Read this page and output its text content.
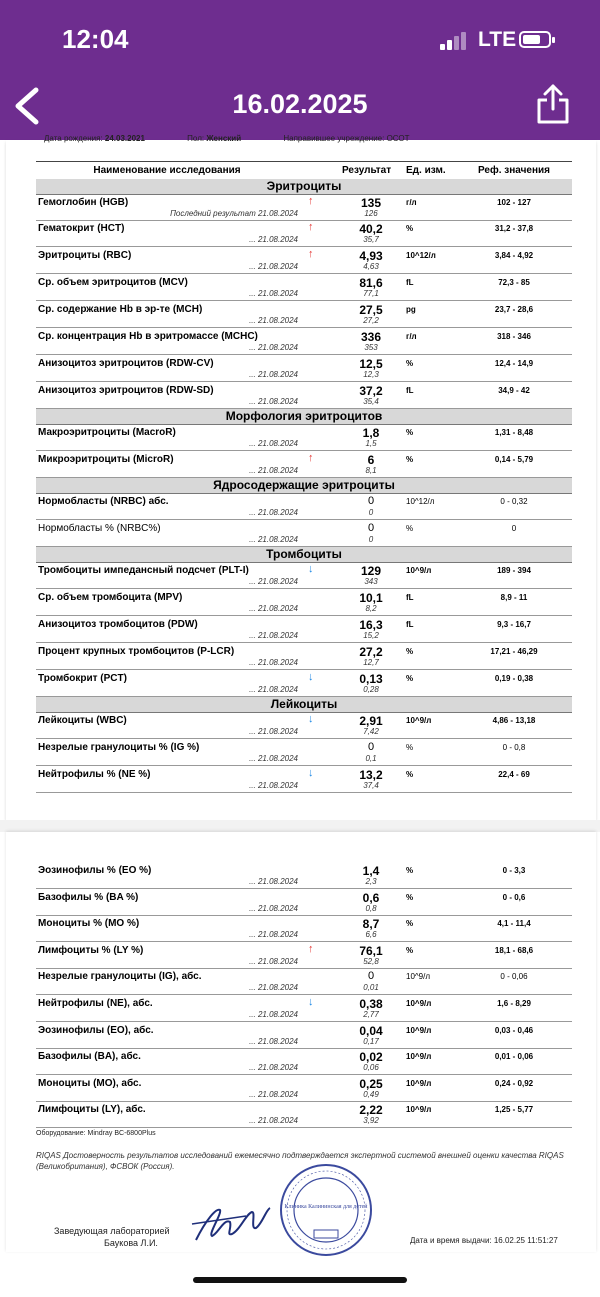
12:04	LTE
16.02.2025
Дата рождения: 24.03.2021	Пол: Женский	Направившее учреждение: ОСОТ
Наименование исследования	Результат Ед. изм.	Реф. значения
Эритроциты
Гемоглобин (HGB)	↑	135	г/л	102 - 127
Последний результат 21.08.2024	126
Гематокрит (HCT)	↑	40,2	%	31,2 - 37,8
... 21.08.2024	35,7
Эритроциты (RBC)	↑	4,93	10^12/л	3,84 - 4,92
... 21.08.2024	4,63
Ср. объем эритроцитов (MCV)	81,6	fL	72,3 - 85
... 21.08.2024	77,1
Ср. содержание Hb в эр-те (MCH)	27,5	pg	23,7 - 28,6
... 21.08.2024	27,2
Ср. концентрация Hb в эритромассе (MCHC)	336	г/л	318 - 346
... 21.08.2024	353
Анизоцитоз эритроцитов (RDW-CV)	12,5	%	12,4 - 14,9
... 21.08.2024	12,3
Анизоцитоз эритроцитов (RDW-SD)	37,2	fL	34,9 - 42
... 21.08.2024	35,4
Морфология эритроцитов
Макроэритроциты (MacroR)	1,8	%	1,31 - 8,48
... 21.08.2024	1,5
Микроэритроциты (MicroR)	↑	6	%	0,14 - 5,79
... 21.08.2024	8,1
Ядросодержащие эритроциты
Нормобласты (NRBC) абс.	0	10^12/л	0 - 0,32
... 21.08.2024	0
Нормобласты % (NRBC%)	0	%	0
... 21.08.2024	0
Тромбоциты
Тромбоциты импедансный подсчет (PLT-I)	↓	129	10^9/л	189 - 394
... 21.08.2024	343
Ср. объем тромбоцита (MPV)	10,1	fL	8,9 - 11
... 21.08.2024	8,2
Анизоцитоз тромбоцитов (PDW)	16,3	fL	9,3 - 16,7
... 21.08.2024	15,2
Процент крупных тромбоцитов (P-LCR)	27,2	%	17,21 - 46,29
... 21.08.2024	12,7
Тромбокрит (PCT)	↓	0,13	%	0,19 - 0,38
... 21.08.2024	0,28
Лейкоциты
Лейкоциты (WBC)	↓	2,91	10^9/л	4,86 - 13,18
... 21.08.2024	7,42
Незрелые гранулоциты % (IG %)	0	%	0 - 0,8
... 21.08.2024	0,1
Нейтрофилы % (NE %)	↓	13,2	%	22,4 - 69
... 21.08.2024	37,4
Эозинофилы % (EO %)	1,4	%	0 - 3,3
... 21.08.2024	2,3
Базофилы % (BA %)	0,6	%	0 - 0,6
... 21.08.2024	0,8
Моноциты % (MO %)	8,7	%	4,1 - 11,4
... 21.08.2024	6,6
Лимфоциты % (LY %)	↑	76,1	%	18,1 - 68,6
... 21.08.2024	52,8
Незрелые гранулоциты (IG), абс.	0	10^9/л	0 - 0,06
... 21.08.2024	0,01
Нейтрофилы (NE), абс.	↓	0,38	10^9/л	1,6 - 8,29
... 21.08.2024	2,77
Эозинофилы (EO), абс.	0,04	10^9/л	0,03 - 0,46
... 21.08.2024	0,17
Базофилы (BA), абс.	0,02	10^9/л	0,01 - 0,06
... 21.08.2024	0,06
Моноциты (MO), абс.	0,25	10^9/л	0,24 - 0,92
... 21.08.2024	0,49
Лимфоциты (LY), абс.	2,22	10^9/л	1,25 - 5,77
... 21.08.2024	3,92
Оборудование: Mindray BC-6800Plus
RIQAS Достоверность результатов исследований ежемесячно подтверждается экспертной системой внешней оценки качества RIQAS (Великобритания), ФСВОК (Россия).
Заведующая лабораторией
Баукова Л.И.
Клиника Калининская для детей
Дата и время выдачи: 16.02.25 11:51:27
